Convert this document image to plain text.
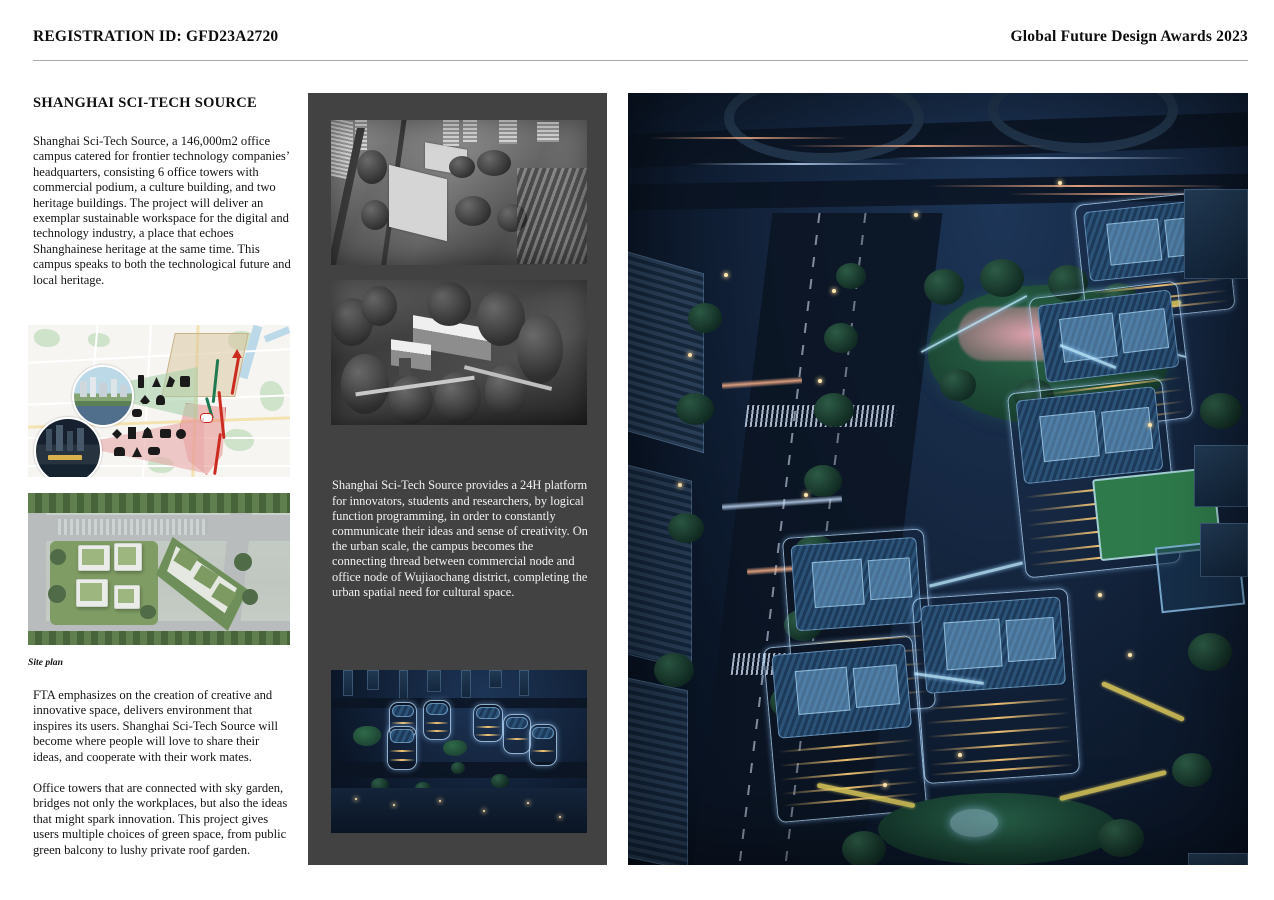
REGISTRATION ID: GFD23A2720	Global Future Design Awards 2023
SHANGHAI SCI-TECH SOURCE

Shanghai Sci-Tech Source, a 146,000m2 office campus catered for frontier technology companies’ headquarters, consisting 6 office towers with commercial podium, a culture building, and two heritage buildings. The project will deliver an exemplar sustainable workspace for the digital and technology industry, a place that echoes Shanghainese heritage at the same time. This campus speaks to both the technological future and local heritage.

Site plan

FTA emphasizes on the creation of creative and innovative space, delivers environment that inspires its users. Shanghai Sci-Tech Source will become where people will love to share their ideas, and cooperate with their work mates.

Office towers that are connected with sky garden, bridges not only the workplaces, but also the ideas that might spark innovation. This project gives users multiple choices of green space, from public green balcony to lushy private roof garden.

Shanghai Sci-Tech Source provides a 24H platform for innovators, students and researchers, by logical function programming, in order to constantly communicate their ideas and sense of creativity. On the urban scale, the campus becomes the connecting thread between commercial node and office node of Wujiaochang district, completing the urban spatial need for cultural space.
